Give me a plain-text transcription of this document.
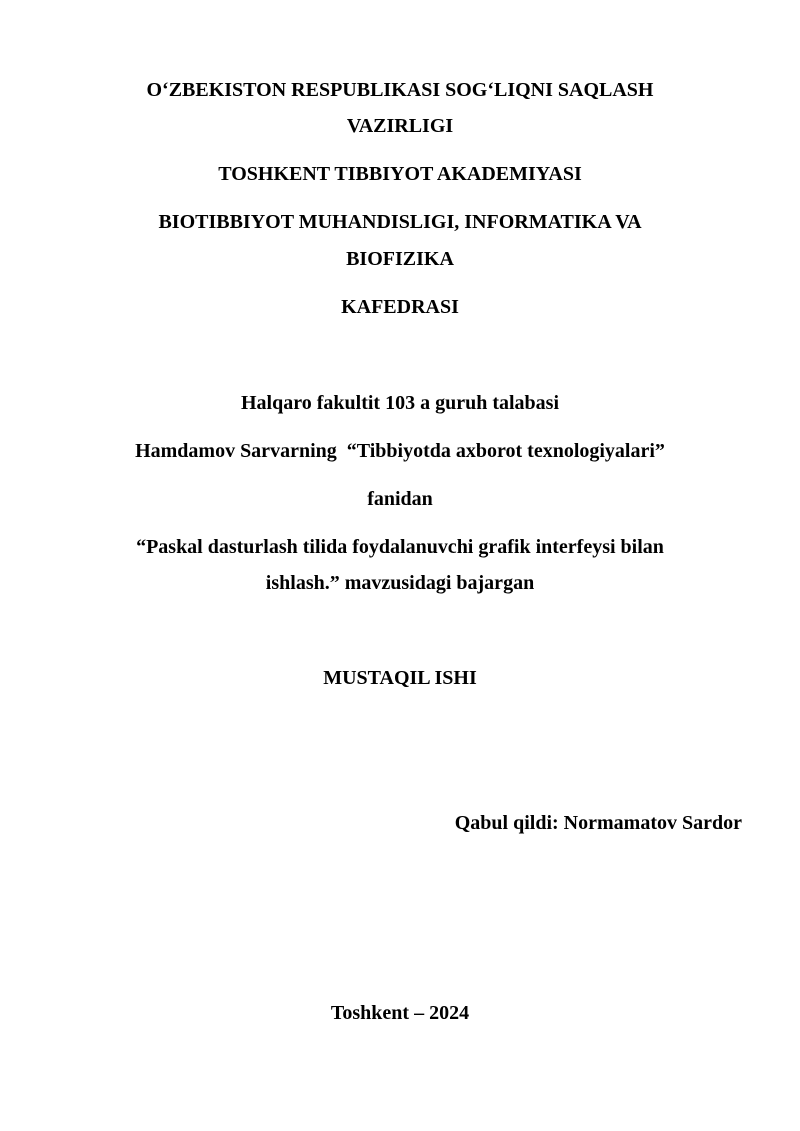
O‘ZBEKISTON RESPUBLIKASI SOG‘LIQNI SAQLASH
VAZIRLIGI
TOSHKENT TIBBIYOT AKADEMIYASI
BIOTIBBIYOT MUHANDISLIGI, INFORMATIKA VA
BIOFIZIKA
KAFEDRASI
Halqaro fakultit 103 a guruh talabasi
Hamdamov Sarvarning  “Tibbiyotda axborot texnologiyalari”
fanidan
“Paskal dasturlash tilida foydalanuvchi grafik interfeysi bilan
ishlash.” mavzusidagi bajargan
MUSTAQIL ISHI
Qabul qildi: Normamatov Sardor
Toshkent – 2024
